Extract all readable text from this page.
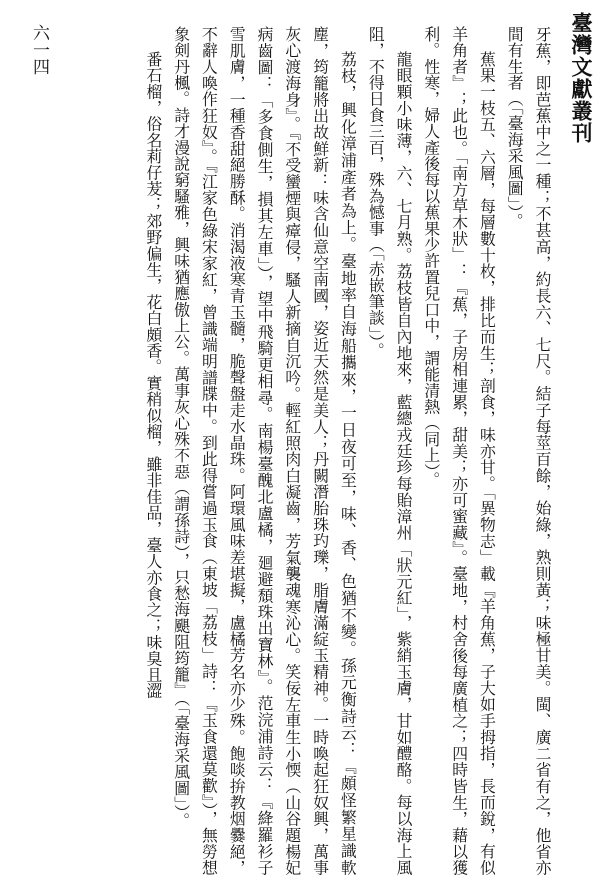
臺灣文獻叢刊
六一四	牙蕉，即芭蕉中之一種；不甚高，約長六、七尺。結子每莖百餘，始綠，熟則黃；味極甘美。閩、廣二省有之，他省亦間有生者（「臺海采風圖」）。

蕉果一枝五、六層，每層數十枚，排比而生；剖食，味亦甘。「異物志」載『羊角蕉，子大如手拇指，長而銳，有似羊角者』；此也。「南方草木狀」：『蕉，子房相連累，甜美；亦可蜜藏』。臺地，村舍後每廣植之；四時皆生，藉以獲利。性寒，婦人產後每以蕉果少許置兒口中，謂能清熱（同上）。

龍眼顆小味薄，六、七月熟。荔枝皆自內地來，藍總戎廷珍每貽漳州「狀元紅」，紫綃玉膚，甘如醴酪。每以海上風阻，不得日食三百，殊為憾事（「赤嵌筆談」）。

荔枝，興化漳浦產者為上。臺地率自海船攜來，一日夜可至，味、香、色猶不變。孫元衡詩云：『頗怪繁星識軟塵，筠籠將出故鮮新：味含仙意空南國，姿近天然是美人；丹闕潛胎珠玓瓅，脂膚滿綻玉精神。一時喚起狂奴興，萬事灰心渡海身』。『不受蠻煙與瘴侵，騷人新摘自沉吟。輕紅照肉白凝齒，芳氣襲魂寒沁心。笑佞左車生小愞（山谷題楊妃病齒圖：「多食側生，損其左車」），望中飛騎更相尋。南楊臺醜北盧橘，廻避頹珠出寶林』。范浣浦詩云：『絳羅衫子雪肌膚，一種香甜絕勝酥。消渴液寒青玉髓，脆聲盤走水晶珠。阿環風味差堪擬，盧橘芳名亦少殊。飽啖拚教烟爨絕，不辭人喚作狂奴』。『江家色綠宋家紅，曾識端明譜牒中。到此得嘗過玉食（東坡「荔枝」詩：『玉食還莫歡』），無勞想象剣丹楓。詩才漫說窮騷雅，興味猶應傲上公。萬事灰心殊不惡（謂孫詩），只愁海颶阻筠籠』（「臺海采風圖」）。

番石榴，俗名莉仔茇；郊野偏生，花白頗香。實稍似榴，雖非佳品，臺人亦食之；味臭且澀
